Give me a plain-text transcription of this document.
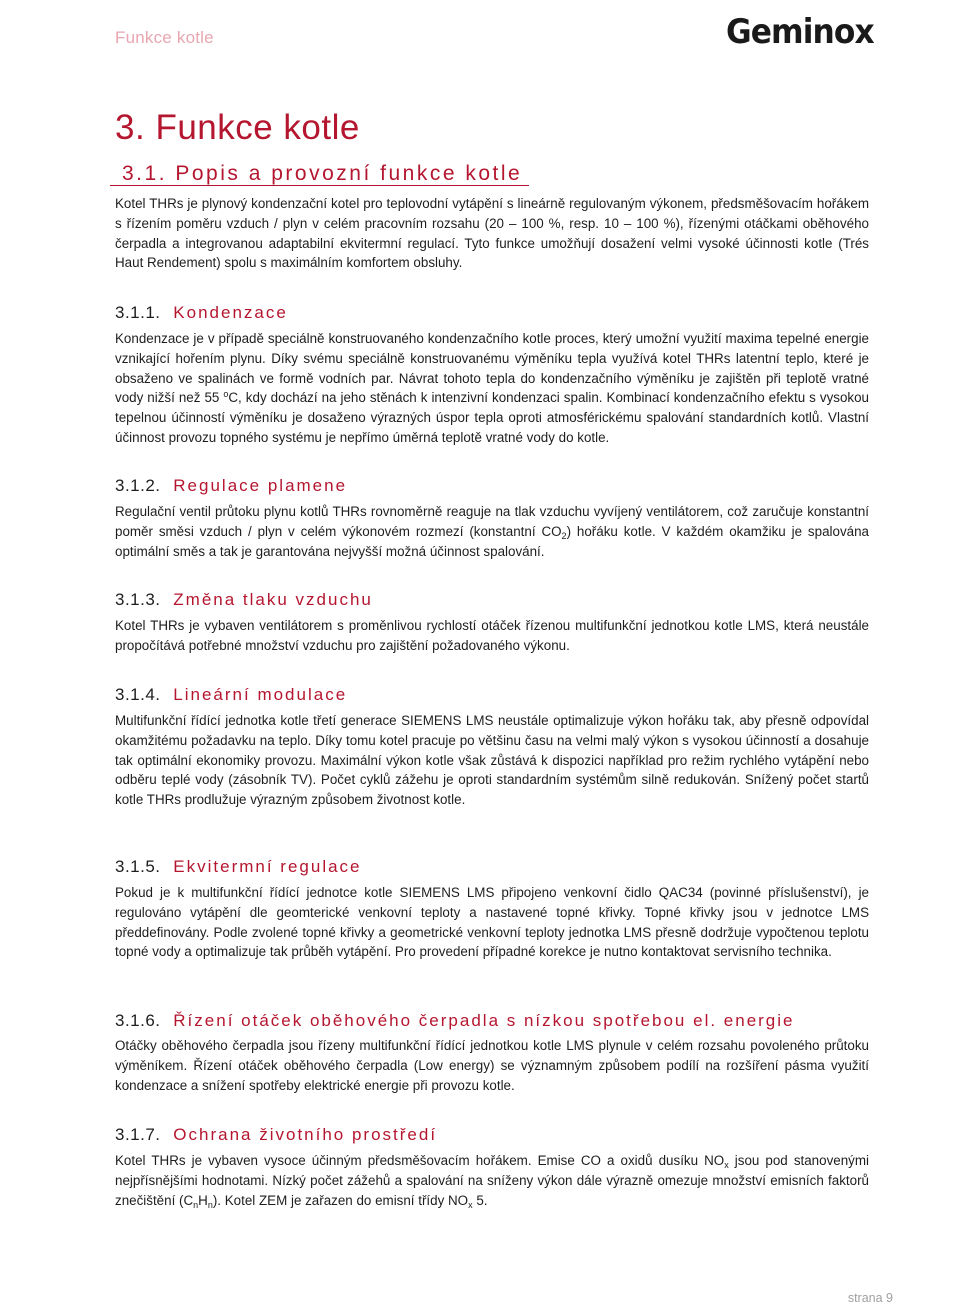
Funkce kotle	Geminox
3. Funkce kotle
3.1. Popis a provozní funkce kotle

Kotel THRs je plynový kondenzační kotel pro teplovodní vytápění s lineárně regulovaným výkonem, předsměšovacím hořákem s řízením poměru vzduch / plyn v celém pracovním rozsahu (20 – 100 %, resp. 10 – 100 %), řízenými otáčkami oběhového čerpadla a integrovanou adaptabilní ekvitermní regulací. Tyto funkce umožňují dosažení velmi vysoké účinnosti kotle (Trés Haut Rendement) spolu s maximálním komfortem obsluhy.

3.1.1. Kondenzace

Kondenzace je v případě speciálně konstruovaného kondenzačního kotle proces, který umožní využití maxima tepelné energie vznikající hořením plynu. Díky svému speciálně konstruovanému výměníku tepla využívá kotel THRs latentní teplo, které je obsaženo ve spalinách ve formě vodních par. Návrat tohoto tepla do kondenzačního výměníku je zajištěn při teplotě vratné vody nižší než 55 $^o$C, kdy dochází na jeho stěnách k intenzivní kondenzaci spalin. Kombinací kondenzačního efektu s vysokou tepelnou účinností výměníku je dosaženo výrazných úspor tepla oproti atmosférickému spalování standardních kotlů. Vlastní účinnost provozu topného systému je nepřímo úměrná teplotě vratné vody do kotle.

3.1.2. Regulace plamene

Regulační ventil průtoku plynu kotlů THRs rovnoměrně reaguje na tlak vzduchu vyvíjený ventilátorem, což zaručuje konstantní poměr směsi vzduch / plyn v celém výkonovém rozmezí (konstantní $CO_2$) hořáku kotle. V každém okamžiku je spalována optimální směs a tak je garantována nejvyšší možná účinnost spalování.

3.1.3. Změna tlaku vzduchu

Kotel THRs je vybaven ventilátorem s proměnlivou rychlostí otáček řízenou multifunkční jednotkou kotle LMS, která neustále propočítává potřebné množství vzduchu pro zajištění požadovaného výkonu.

3.1.4. Lineární modulace

Multifunkční řídící jednotka kotle třetí generace SIEMENS LMS neustále optimalizuje výkon hořáku tak, aby přesně odpovídal okamžitému požadavku na teplo. Díky tomu kotel pracuje po většinu času na velmi malý výkon s vysokou účinností a dosahuje tak optimální ekonomiky provozu. Maximální výkon kotle však zůstává k dispozici například pro režim rychlého vytápění nebo odběru teplé vody (zásobník TV). Počet cyklů zážehu je oproti standardním systémům silně redukován. Snížený počet startů kotle THRs prodlužuje výrazným způsobem životnost kotle.

3.1.5. Ekvitermní regulace

Pokud je k multifunkční řídící jednotce kotle SIEMENS LMS připojeno venkovní čidlo QAC34 (povinné příslušenství), je regulováno vytápění dle geomterické venkovní teploty a nastavené topné křivky. Topné křivky jsou v jednotce LMS předdefinovány. Podle zvolené topné křivky a geometrické venkovní teploty jednotka LMS přesně dodržuje vypočtenou teplotu topné vody a optimalizuje tak průběh vytápění. Pro provedení případné korekce je nutno kontaktovat servisního technika.

3.1.6. Řízení otáček oběhového čerpadla s nízkou spotřebou el. energie

Otáčky oběhového čerpadla jsou řízeny multifunkční řídící jednotkou kotle LMS plynule v celém rozsahu povoleného průtoku výměníkem. Řízení otáček oběhového čerpadla (Low energy) se významným způsobem podílí na rozšíření pásma využití kondenzace a snížení spotřeby elektrické energie při provozu kotle.

3.1.7. Ochrana životního prostředí

Kotel THRs je vybaven vysoce účinným předsměšovacím hořákem. Emise CO a oxidů dusíku $NO_x$ jsou pod stanovenými nejpřísnějšími hodnotami. Nízký počet zážehů a spalování na sníženy výkon dále výrazně omezuje množství emisních faktorů znečištění $(C_nH_n)$. Kotel ZEM je zařazen do emisní třídy $NO_x$ 5.

strana 9
